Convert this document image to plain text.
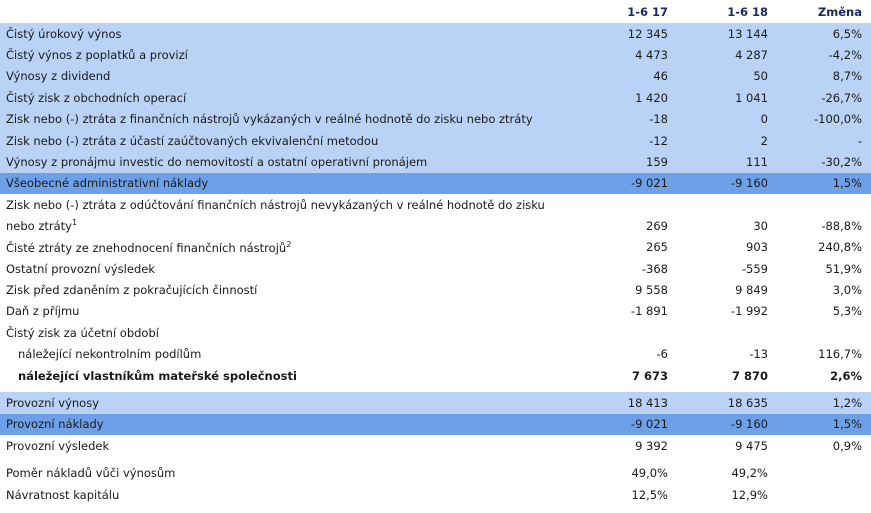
1-6 17	1-6 18	Změna
Čistý úrokový výnos	12 345	13 144	6,5%
Čistý výnos z poplatků a provizí	4 473	4 287	-4,2%
Výnosy z dividend	46	50	8,7%
Čistý zisk z obchodních operací	1 420	1 041	-26,7%
Zisk nebo (-) ztráta z finančních nástrojů vykázaných v reálné hodnotě do zisku nebo ztráty	-18	0	-100,0%
Zisk nebo (-) ztráta z účastí zaúčtovaných ekvivalenční metodou	-12	2	-
Výnosy z pronájmu investic do nemovitostí a ostatní operativní pronájem	159	111	-30,2%
Všeobecné administrativní náklady	-9 021	-9 160	1,5%
Zisk nebo (-) ztráta z odúčtování finančních nástrojů nevykázaných v reálné hodnotě do zisku
nebo ztráty$^1$	269	30	-88,8%
Čisté ztráty ze znehodnocení finančních nástrojů$^2$	265	903	240,8%
Ostatní provozní výsledek	-368	-559	51,9%
Zisk před zdaněním z pokračujících činností	9 558	9 849	3,0%
Daň z příjmu	-1 891	-1 992	5,3%
Čistý zisk za účetní období
náležející nekontrolním podílům	-6	-13	116,7%
náležející vlastníkům mateřské společnosti	7 673	7 870	2,6%
Provozní výnosy	18 413	18 635	1,2%
Provozní náklady	-9 021	-9 160	1,5%
Provozní výsledek	9 392	9 475	0,9%
Poměr nákladů vůči výnosům	49,0%	49,2%
Návratnost kapitálu	12,5%	12,9%
